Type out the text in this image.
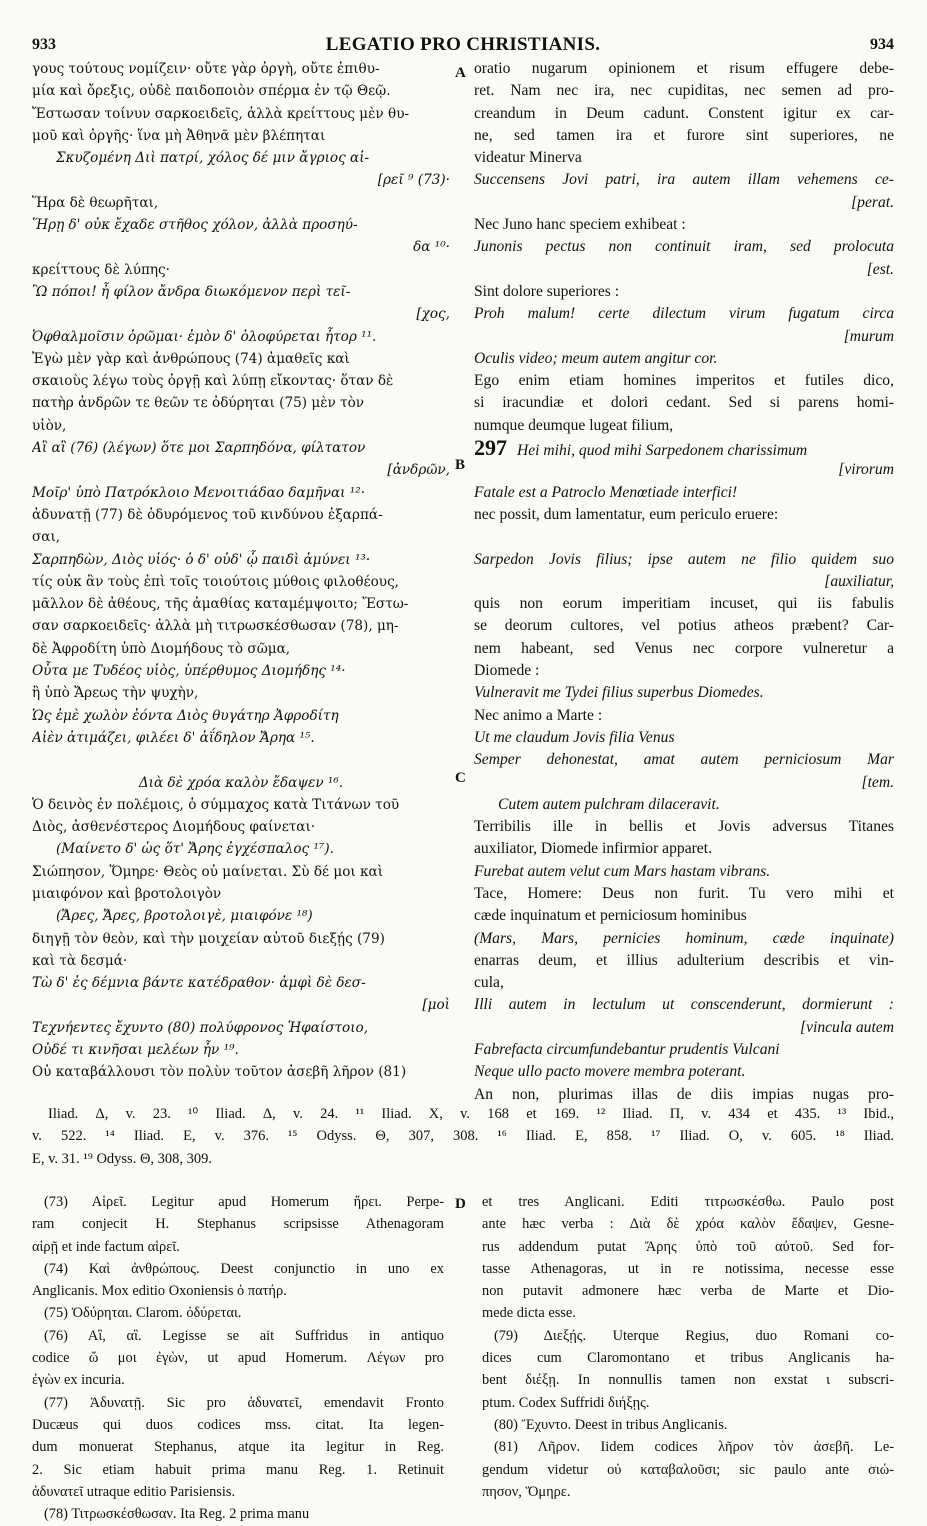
933	LEGATIO PRO CHRISTIANIS.	934
γους τούτους νομίζειν· οὔτε γὰρ ὀργὴ, οὔτε ἐπιθυ-
μία καὶ ὄρεξις, οὐδὲ παιδοποιὸν σπέρμα ἐν τῷ Θεῷ.
Ἔστωσαν τοίνυν σαρκοειδεῖς, ἀλλὰ κρείττους μὲν θυ-
μοῦ καὶ ὀργῆς· ἵνα μὴ Ἀθηνᾶ μὲν βλέπηται
Σκυζομένη Διὶ πατρί, χόλος δέ μιν ἄγριος αἱ-
[ρεῖ ⁹ (73)·
Ἥρα δὲ θεωρῆται,
Ἥρῃ δ' οὐκ ἔχαδε στῆθος χόλον, ἀλλὰ προσηύ-
δα ¹⁰·
κρείττους δὲ λύπης·
Ὢ πόποι! ἦ φίλον ἄνδρα διωκόμενον περὶ τεῖ-
[χος,
Ὀφθαλμοῖσιν ὁρῶμαι· ἐμὸν δ' ὀλοφύρεται ἦτορ ¹¹.
Ἐγὼ μὲν γὰρ καὶ ἀνθρώπους (74) ἀμαθεῖς καὶ
σκαιοὺς λέγω τοὺς ὀργῇ καὶ λύπῃ εἴκοντας· ὅταν δὲ
πατὴρ ἀνδρῶν τε θεῶν τε ὀδύρηται (75) μὲν τὸν
υἱὸν,
Αἲ αἲ (76) (λέγων) ὅτε μοι Σαρπηδόνα, φίλτατον
[ἀνδρῶν,
Μοῖρ' ὑπὸ Πατρόκλοιο Μενοιτιάδαο δαμῆναι ¹²·
ἀδυνατῇ (77) δὲ ὀδυρόμενος τοῦ κινδύνου ἐξαρπά-
σαι,
Σαρπηδὼν, Διὸς υἱός· ὁ δ' οὐδ' ᾧ παιδὶ ἀμύνει ¹³·
τίς οὐκ ἂν τοὺς ἐπὶ τοῖς τοιούτοις μύθοις φιλοθέους,
μᾶλλον δὲ ἀθέους, τῆς ἀμαθίας καταμέμψοιτο; Ἔστω-
σαν σαρκοειδεῖς· ἀλλὰ μὴ τιτρωσκέσθωσαν (78), μη-
δὲ Ἀφροδίτη ὑπὸ Διομήδους τὸ σῶμα,
Οὖτα με Τυδέος υἱὸς, ὑπέρθυμος Διομήδης ¹⁴·
ἢ ὑπὸ Ἄρεως τὴν ψυχὴν,
Ὡς ἐμὲ χωλὸν ἐόντα Διὸς θυγάτηρ Ἀφροδίτη
Αἰὲν ἀτιμάζει, φιλέει δ' ἀΐδηλον Ἄρηα ¹⁵.

Διὰ δὲ χρόα καλὸν ἔδαψεν ¹⁶.
Ὁ δεινὸς ἐν πολέμοις, ὁ σύμμαχος κατὰ Τιτάνων τοῦ
Διὸς, ἀσθενέστερος Διομήδους φαίνεται·
(Μαίνετο δ' ὡς ὅτ' Ἄρης ἐγχέσπαλος ¹⁷).
Σιώπησον, Ὅμηρε· Θεὸς οὐ μαίνεται. Σὺ δέ μοι καὶ
μιαιφόνον καὶ βροτολοιγὸν
(Ἄρες, Ἄρες, βροτολοιγὲ, μιαιφόνε ¹⁸)
διηγῇ τὸν θεὸν, καὶ τὴν μοιχείαν αὐτοῦ διεξῄς (79)
καὶ τὰ δεσμά·
Τὼ δ' ἐς δέμνια βάντε κατέδραθον· ἀμφὶ δὲ δεσ-
[μοὶ
Τεχνήεντες ἔχυντο (80) πολύφρονος Ἡφαίστοιο,
Οὐδέ τι κινῆσαι μελέων ἦν ¹⁹.
Οὐ καταβάλλουσι τὸν πολὺν τοῦτον ἀσεβῆ λῆρον (81)
oratio nugarum opinionem et risum effugere debe-
ret. Nam nec ira, nec cupiditas, nec semen ad pro-
creandum in Deum cadunt. Constent igitur ex car-
ne, sed tamen ira et furore sint superiores, ne
videatur Minerva
Succensens Jovi patri, ira autem illam vehemens ce-
[perat.
Nec Juno hanc speciem exhibeat :
Junonis pectus non continuit iram, sed prolocuta
[est.
Sint dolore superiores :
Proh malum! certe dilectum virum fugatum circa
[murum
Oculis video; meum autem angitur cor.
Ego enim etiam homines imperitos et futiles dico,
si iracundiæ et dolori cedant. Sed si parens homi-
numque deumque lugeat filium,
297 Hei mihi, quod mihi Sarpedonem charissimum
[virorum
Fatale est a Patroclo Menœtiade interfici!
nec possit, dum lamentatur, eum periculo eruere:

Sarpedon Jovis filius; ipse autem ne filio quidem suo
[auxiliatur,
quis non eorum imperitiam incuset, qui iis fabulis
se deorum cultores, vel potius atheos præbent? Car-
nem habeant, sed Venus nec corpore vulneretur a
Diomede :
Vulneravit me Tydei filius superbus Diomedes.
Nec animo a Marte :
Ut me claudum Jovis filia Venus
Semper dehonestat, amat autem perniciosum Mar
[tem.
Cutem autem pulchram dilaceravit.
Terribilis ille in bellis et Jovis adversus Titanes
auxiliator, Diomede infirmior apparet.
Furebat autem velut cum Mars hastam vibrans.
Tace, Homere: Deus non furit. Tu vero mihi et
cæde inquinatum et perniciosum hominibus
(Mars, Mars, pernicies hominum, cæde inquinate)
enarras deum, et illius adulterium describis et vin-
cula,
Illi autem in lectulum ut conscenderunt, dormierunt :
[vincula autem
Fabrefacta circumfundebantur prudentis Vulcani
Neque ullo pacto movere membra poterant.
An non, plurimas illas de diis impias nugas pro-
A
B
C
Iliad. Δ, v. 23. ¹⁰ Iliad. Δ, v. 24. ¹¹ Iliad. X, v. 168 et 169. ¹² Iliad. Π, v. 434 et 435. ¹³ Ibid.,
v. 522. ¹⁴ Iliad. E, v. 376. ¹⁵ Odyss. Θ, 307, 308. ¹⁶ Iliad. E, 858. ¹⁷ Iliad. O, v. 605. ¹⁸ Iliad.
E, v. 31. ¹⁹ Odyss. Θ, 308, 309.
(73) Αἱρεῖ. Legitur apud Homerum ἥρει. Perpe-
ram conjecit H. Stephanus scripsisse Athenagoram
αἱρῇ et inde factum αἱρεῖ.
(74) Καὶ ἀνθρώπους. Deest conjunctio in uno ex
Anglicanis. Mox editio Oxoniensis ὁ πατήρ.
(75) Ὀδύρηται. Clarom. ὀδύρεται.
(76) Αἲ, αἲ. Legisse se ait Suffridus in antiquo
codice ὤ μοι ἐγὼν, ut apud Homerum. Λέγων pro
ἐγὼν ex incuria.
(77) Ἀδυνατῇ. Sic pro ἀδυνατεῖ, emendavit Fronto
Ducæus qui duos codices mss. citat. Ita legen-
dum monuerat Stephanus, atque ita legitur in Reg.
2. Sic etiam habuit prima manu Reg. 1. Retinuit
ἀδυνατεῖ utraque editio Parisiensis.
(78) Τιτρωσκέσθωσαν. Ita Reg. 2 prima manu
et tres Anglicani. Editi τιτρωσκέσθω. Paulo post
ante hæc verba : Διὰ δὲ χρόα καλὸν ἔδαψεν, Gesne-
rus addendum putat Ἄρης ὑπὸ τοῦ αὐτοῦ. Sed for-
tasse Athenagoras, ut in re notissima, necesse esse
non putavit admonere hæc verba de Marte et Dio-
mede dicta esse.
(79) Διεξῄς. Uterque Regius, duo Romani co-
dices cum Claromontano et tribus Anglicanis ha-
bent διέξῃ. In nonnullis tamen non exstat ι subscri-
ptum. Codex Suffridi διήξῃς.
(80) Ἔχυντο. Deest in tribus Anglicanis.
(81) Λῆρον. Iidem codices λῆρον τὸν ἀσεβῆ. Le-
gendum videtur οὐ καταβαλοῦσι; sic paulo ante σιώ-
πησον, Ὅμηρε.
D
